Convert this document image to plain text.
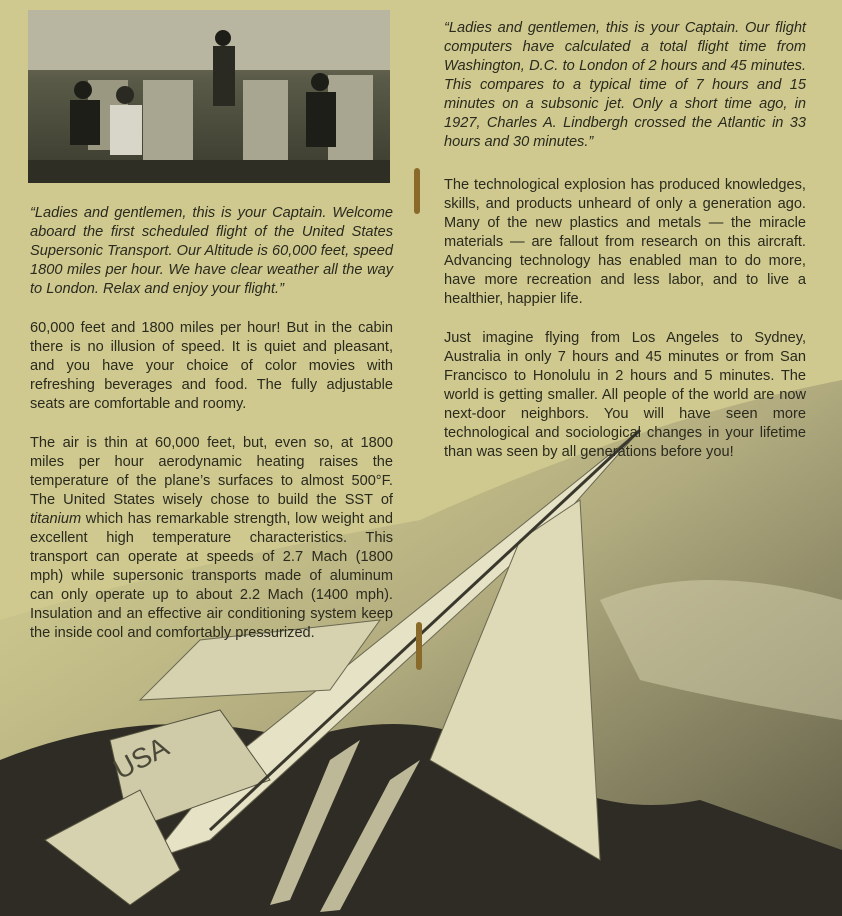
USA

“Ladies and gentlemen, this is your Captain. Welcome aboard the first scheduled flight of the United States Supersonic Transport. Our Altitude is 60,000 feet, speed 1800 miles per hour. We have clear weather all the way to London. Relax and enjoy your flight.”

60,000 feet and 1800 miles per hour! But in the cabin there is no illusion of speed. It is quiet and pleasant, and you have your choice of color movies with refreshing beverages and food. The fully adjustable seats are comfortable and roomy.

The air is thin at 60,000 feet, but, even so, at 1800 miles per hour aerodynamic heating raises the temperature of the plane’s surfaces to almost 500°F. The United States wisely chose to build the SST of titanium which has remarkable strength, low weight and excellent high temperature characteristics. This transport can operate at speeds of 2.7 Mach (1800 mph) while supersonic transports made of aluminum can only operate up to about 2.2 Mach (1400 mph). Insulation and an effective air conditioning system keep the inside cool and comfortably pressurized.

“Ladies and gentlemen, this is your Captain. Our flight computers have calculated a total flight time from Washington, D.C. to London of 2 hours and 45 minutes. This compares to a typical time of 7 hours and 15 minutes on a subsonic jet. Only a short time ago, in 1927, Charles A. Lindbergh crossed the Atlantic in 33 hours and 30 minutes.”

The technological explosion has produced knowledges, skills, and products unheard of only a generation ago. Many of the new plastics and metals — the miracle materials — are fallout from research on this aircraft. Advancing technology has enabled man to do more, have more recreation and less labor, and to live a healthier, happier life.

Just imagine flying from Los Angeles to Sydney, Australia in only 7 hours and 45 minutes or from San Francisco to Honolulu in 2 hours and 5 minutes. The world is getting smaller. All people of the world are now next-door neighbors. You will have seen more technological and sociological changes in your lifetime than was seen by all generations before you!
